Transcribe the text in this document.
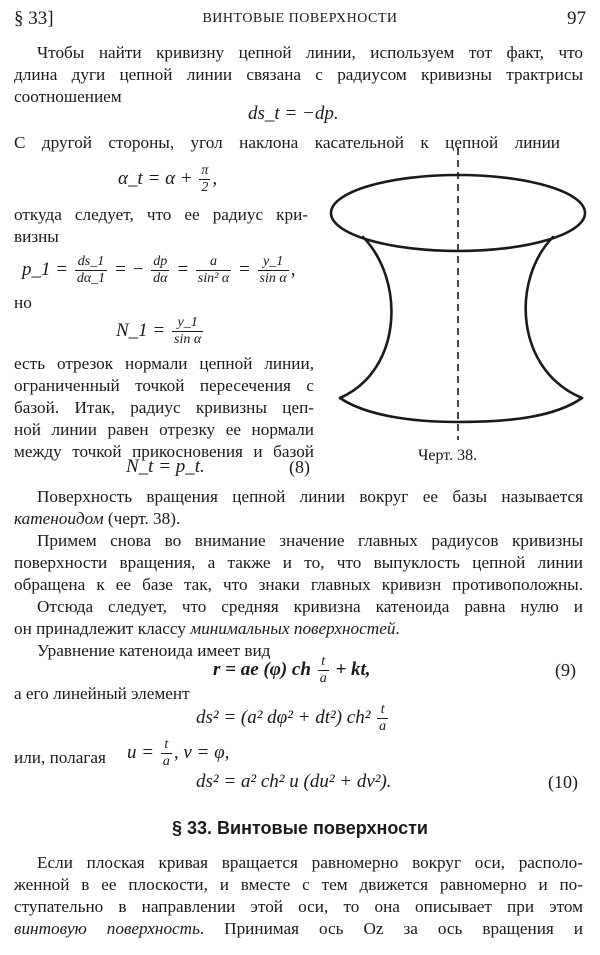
§ 33]	ВИНТОВЫЕ ПОВЕРХНОСТИ	97
Чтобы найти кривизну цепной линии, используем тот факт, что
длина дуги цепной линии связана с радиусом кривизны трактрисы
соотношением
ds_t = −dp.
С другой стороны, угол наклона касательной к цепной линии
α_t = $\alpha + \frac{\pi}{2}$ ,
откуда следует, что ее радиус кри-
визны
p_1 = $\frac{ds\_1}{d\alpha\_1}$ = − $\frac{dp}{d\alpha} = \frac{a}{\text{sin² α}} = \frac{y\_1}{\text{sin α}}$ ,
но
N_1 = $\frac{y\_1}{\text{sin α}}$
есть отрезок нормали цепной линии,
ограниченный точкой пересечения с
базой. Итак, радиус кривизны цеп-
ной линии равен отрезку ее нормали
между точкой прикосновения и базой
N_t = p_t.	(8)
Черт. 38.
Поверхность вращения цепной линии вокруг ее базы называется
катеноидом (черт. 38).
Примем снова во внимание значение главных радиусов кривизны
поверхности вращения, а также и то, что выпуклость цепной линии
обращена к ее базе так, что знаки главных кривизн противоположны.
Отсюда следует, что средняя кривизна катеноида равна нулю и
он принадлежит классу минимальных поверхностей.
Уравнение катеноида имеет вид
r = ae (φ) ch $\frac{t}{a}$ + kt,	(9)
а его линейный элемент
ds² = (a² dφ² + dt²) $ch^2 \frac{t}{a}$
или, полагая $u = \frac{t}{a}$ , v = φ,
ds² = a² ch² u (du² + dv²).	(10)
§ 33. Винтовые поверхности
Если плоская кривая вращается равномерно вокруг оси, располо-
женной в ее плоскости, и вместе с тем движется равномерно и по-
ступательно в направлении этой оси, то она описывает при этом
винтовую поверхность. Принимая ось Oz за ось вращения и
